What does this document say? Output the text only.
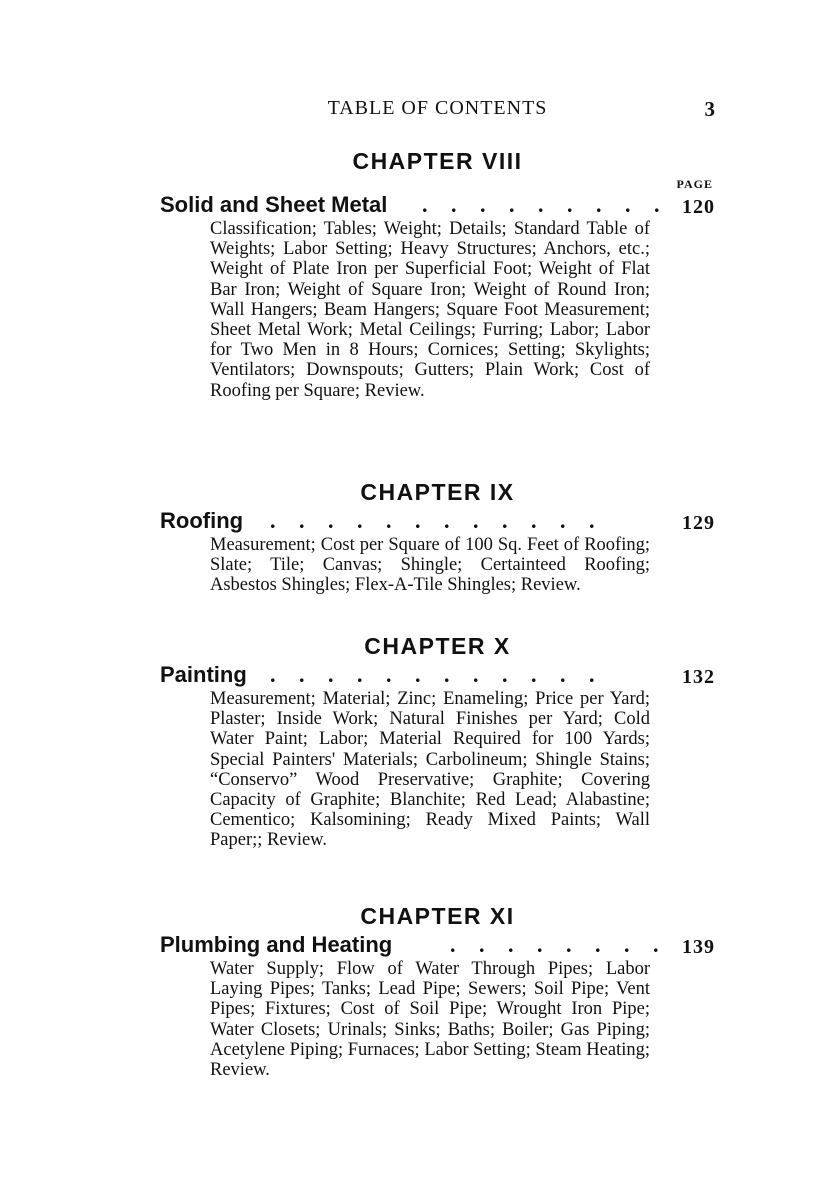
TABLE OF CONTENTS	3
CHAPTER VIII
PAGE
Solid and Sheet Metal . . . . . . . . . 120
Classification; Tables; Weight; Details; Standard Table of Weights; Labor Setting; Heavy Structures; Anchors, etc.; Weight of Plate Iron per Superficial Foot; Weight of Flat Bar Iron; Weight of Square Iron; Weight of Round Iron; Wall Hangers; Beam Hangers; Square Foot Measurement; Sheet Metal Work; Metal Ceilings; Furring; Labor; Labor for Two Men in 8 Hours; Cornices; Setting; Skylights; Ventilators; Downspouts; Gutters; Plain Work; Cost of Roofing per Square; Review.
CHAPTER IX
Roofing . . . . . . . . . . . .	129
Measurement; Cost per Square of 100 Sq. Feet of Roofing; Slate; Tile; Canvas; Shingle; Certainteed Roofing; Asbestos Shingles; Flex-A-Tile Shingles; Review.
CHAPTER X
Painting . . . . . . . . . . . .	132
Measurement; Material; Zinc; Enameling; Price per Yard; Plaster; Inside Work; Natural Finishes per Yard; Cold Water Paint; Labor; Material Required for 100 Yards; Special Painters' Materials; Carbolineum; Shingle Stains; “Conservo” Wood Preservative; Graphite; Covering Capacity of Graphite; Blanchite; Red Lead; Alabastine; Cementico; Kalsomining; Ready Mixed Paints; Wall Paper;; Review.
CHAPTER XI
Plumbing and Heating	. . . . . . . . 139
Water Supply; Flow of Water Through Pipes; Labor Laying Pipes; Tanks; Lead Pipe; Sewers; Soil Pipe; Vent Pipes; Fixtures; Cost of Soil Pipe; Wrought Iron Pipe; Water Closets; Urinals; Sinks; Baths; Boiler; Gas Piping; Acetylene Piping; Furnaces; Labor Setting; Steam Heating; Review.
